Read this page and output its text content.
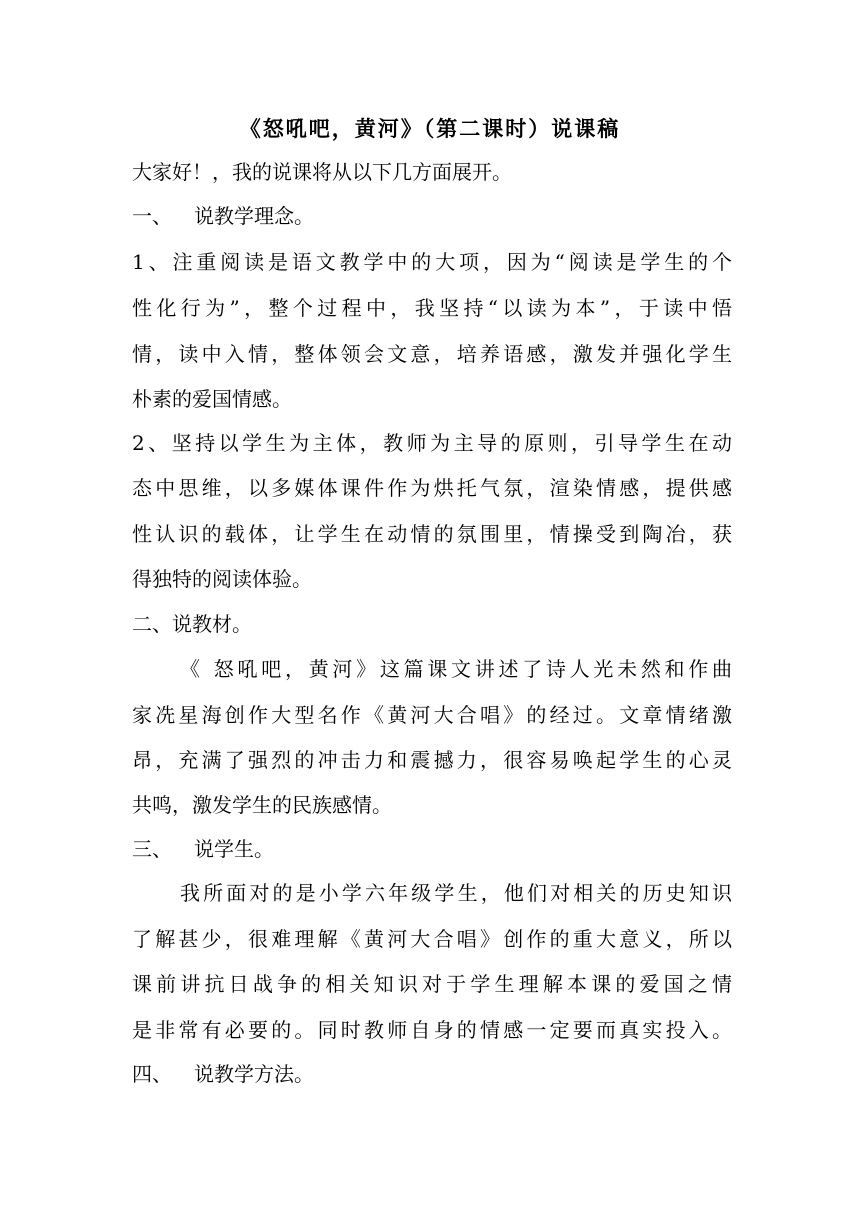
《怒吼吧，黄河》（第二课时）说课稿
大家好！，我的说课将从以下几方面展开。
一、 说教学理念。
1、注重阅读是语文教学中的大项，因为“阅读是学生的个
性化行为”，整个过程中，我坚持“以读为本”，于读中悟
情，读中入情，整体领会文意，培养语感，激发并强化学生
朴素的爱国情感。
2、坚持以学生为主体，教师为主导的原则，引导学生在动
态中思维，以多媒体课件作为烘托气氛，渲染情感，提供感
性认识的载体，让学生在动情的氛围里，情操受到陶冶，获
得独特的阅读体验。
二、说教材。
《 怒吼吧，黄河》这篇课文讲述了诗人光未然和作曲
家冼星海创作大型名作《黄河大合唱》的经过。文章情绪激
昂，充满了强烈的冲击力和震撼力，很容易唤起学生的心灵
共鸣，激发学生的民族感情。
三、 说学生。
我所面对的是小学六年级学生，他们对相关的历史知识
了解甚少，很难理解《黄河大合唱》创作的重大意义，所以
课前讲抗日战争的相关知识对于学生理解本课的爱国之情
是非常有必要的。同时教师自身的情感一定要而真实投入。
四、 说教学方法。
